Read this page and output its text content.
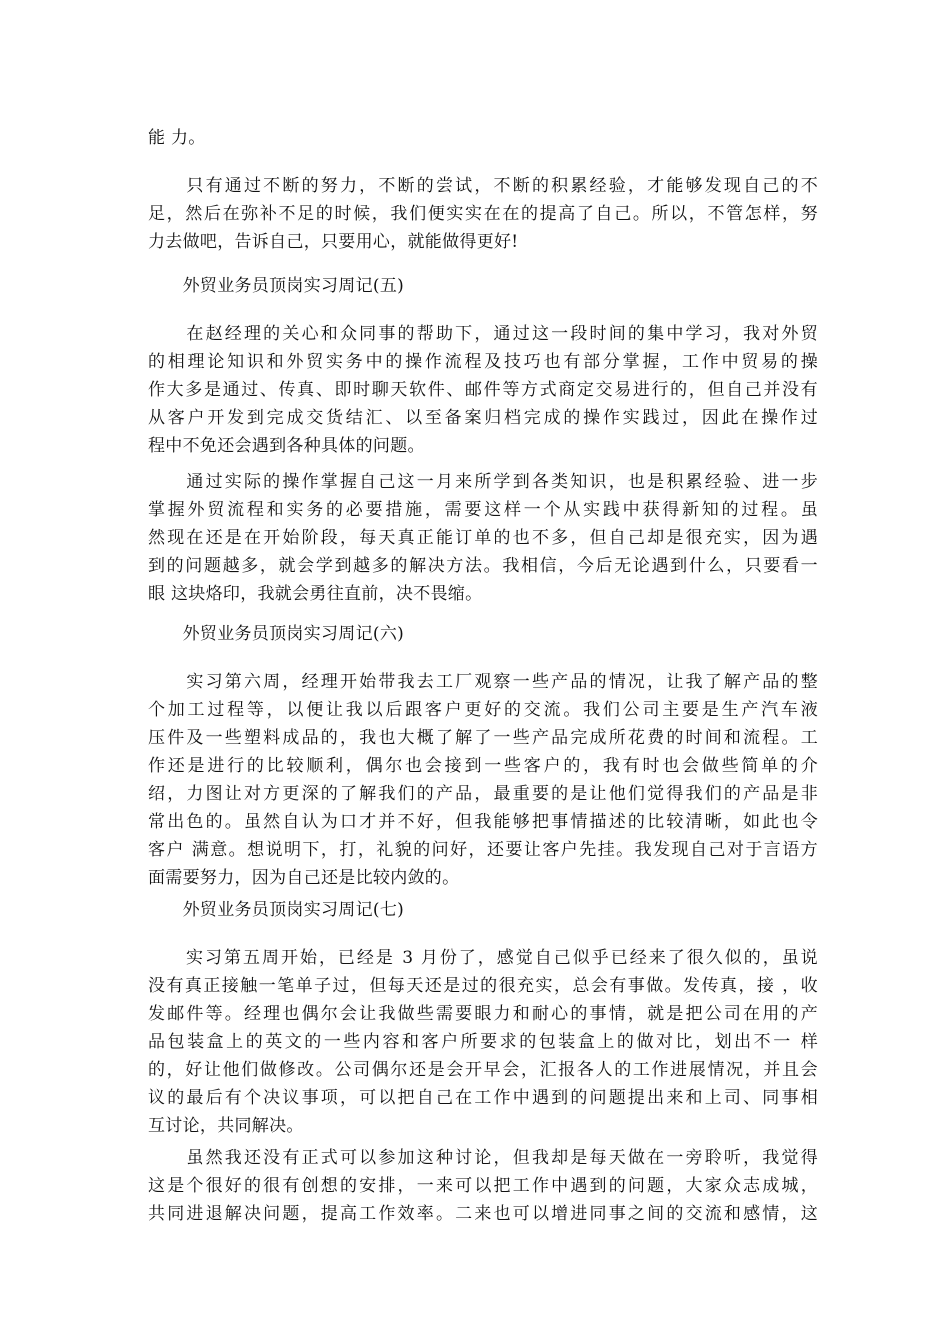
能 力。
　　只有通过不断的努力，不断的尝试，不断的积累经验，才能够发现自己的不
足，然后在弥补不足的时候，我们便实实在在的提高了自己。所以，不管怎样，努
力去做吧，告诉自己，只要用心，就能做得更好!
　　外贸业务员顶岗实习周记(五)
　　在赵经理的关心和众同事的帮助下，通过这一段时间的集中学习，我对外贸
的相理论知识和外贸实务中的操作流程及技巧也有部分掌握，工作中贸易的操
作大多是通过、传真、即时聊天软件、邮件等方式商定交易进行的，但自己并没有
从客户开发到完成交货结汇、以至备案归档完成的操作实践过，因此在操作过
程中不免还会遇到各种具体的问题。
　　通过实际的操作掌握自己这一月来所学到各类知识，也是积累经验、进一步
掌握外贸流程和实务的必要措施，需要这样一个从实践中获得新知的过程。虽
然现在还是在开始阶段，每天真正能订单的也不多，但自己却是很充实，因为遇
到的问题越多，就会学到越多的解决方法。我相信，今后无论遇到什么，只要看一
眼 这块烙印，我就会勇往直前，决不畏缩。
　　外贸业务员顶岗实习周记(六)
　　实习第六周，经理开始带我去工厂观察一些产品的情况，让我了解产品的整
个加工过程等，以便让我以后跟客户更好的交流。我们公司主要是生产汽车液
压件及一些塑料成品的，我也大概了解了一些产品完成所花费的时间和流程。工
作还是进行的比较顺利，偶尔也会接到一些客户的，我有时也会做些简单的介
绍，力图让对方更深的了解我们的产品，最重要的是让他们觉得我们的产品是非
常出色的。虽然自认为口才并不好，但我能够把事情描述的比较清晰，如此也令
客户 满意。想说明下，打，礼貌的问好，还要让客户先挂。我发现自己对于言语方
面需要努力，因为自己还是比较内敛的。
　　外贸业务员顶岗实习周记(七)
　　实习第五周开始，已经是 3 月份了，感觉自己似乎已经来了很久似的，虽说
没有真正接触一笔单子过，但每天还是过的很充实，总会有事做。发传真，接 ，收
发邮件等。经理也偶尔会让我做些需要眼力和耐心的事情，就是把公司在用的产
品包装盒上的英文的一些内容和客户所要求的包装盒上的做对比，划出不一 样
的，好让他们做修改。公司偶尔还是会开早会，汇报各人的工作进展情况，并且会
议的最后有个决议事项，可以把自己在工作中遇到的问题提出来和上司、同事相
互讨论，共同解决。
　　虽然我还没有正式可以参加这种讨论，但我却是每天做在一旁聆听，我觉得
这是个很好的很有创想的安排，一来可以把工作中遇到的问题，大家众志成城，
共同进退解决问题，提高工作效率。二来也可以增进同事之间的交流和感情，这
